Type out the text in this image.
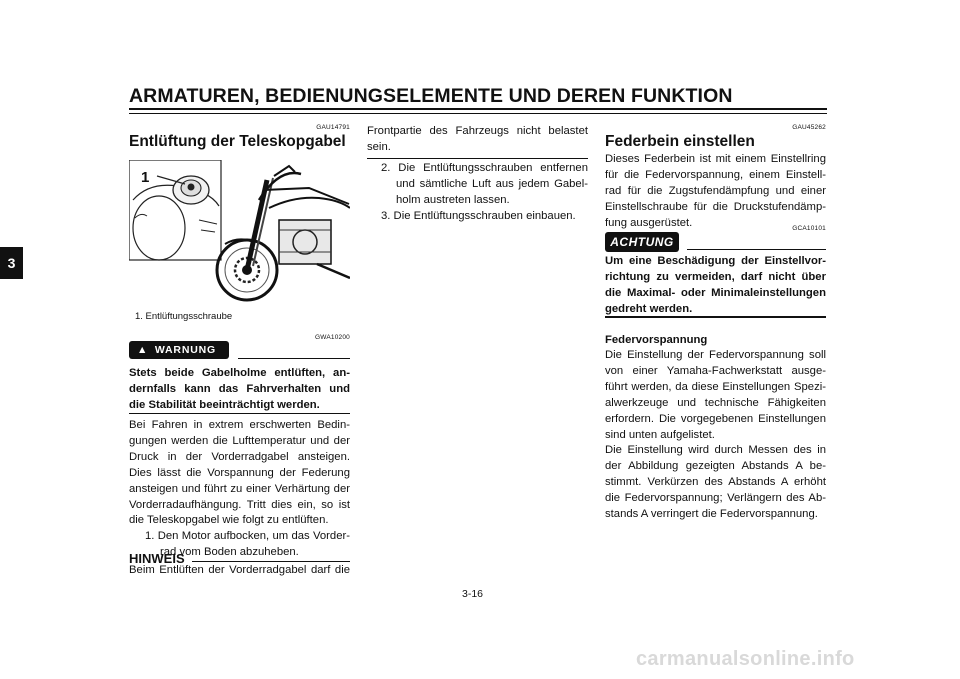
ARMATUREN, BEDIENUNGSELEMENTE UND DEREN FUNKTION
3
GAU14791
Entlüftung der Teleskopgabel
1
1. Entlüftungsschraube
GWA10200
▲ WARNUNG
Stets beide Gabelholme entlüften, an-
dernfalls kann das Fahrverhalten und
die Stabilität beeinträchtigt werden.
Bei Fahren in extrem erschwerten Bedin-
gungen werden die Lufttemperatur und der
Druck in der Vorderradgabel ansteigen.
Dies lässt die Vorspannung der Federung
ansteigen und führt zu einer Verhärtung der
Vorderradaufhängung. Tritt dies ein, so ist
die Teleskopgabel wie folgt zu entlüften.
1. Den Motor aufbocken, um das Vorder-
rad vom Boden abzuheben.
HINWEIS
Beim Entlüften der Vorderradgabel darf die
Frontpartie des Fahrzeugs nicht belastet
sein.
2. Die Entlüftungsschrauben entfernen
und sämtliche Luft aus jedem Gabel-
holm austreten lassen.
3. Die Entlüftungsschrauben einbauen.
GAU45262
Federbein einstellen
Dieses Federbein ist mit einem Einstellring
für die Federvorspannung, einem Einstell-
rad für die Zugstufendämpfung und einer
Einstellschraube für die Druckstufendämp-
fung ausgerüstet.	GCA10101
ACHTUNG
Um eine Beschädigung der Einstellvor-
richtung zu vermeiden, darf nicht über
die Maximal- oder Minimaleinstellungen
gedreht werden.
Federvorspannung
Die Einstellung der Federvorspannung soll
von einer Yamaha-Fachwerkstatt ausge-
führt werden, da diese Einstellungen Spezi-
alwerkzeuge und technische Fähigkeiten
erfordern. Die vorgegebenen Einstellungen
sind unten aufgelistet.
Die Einstellung wird durch Messen des in
der Abbildung gezeigten Abstands A be-
stimmt. Verkürzen des Abstands A erhöht
die Federvorspannung; Verlängern des Ab-
stands A verringert die Federvorspannung.
3-16
carmanualsonline.info
